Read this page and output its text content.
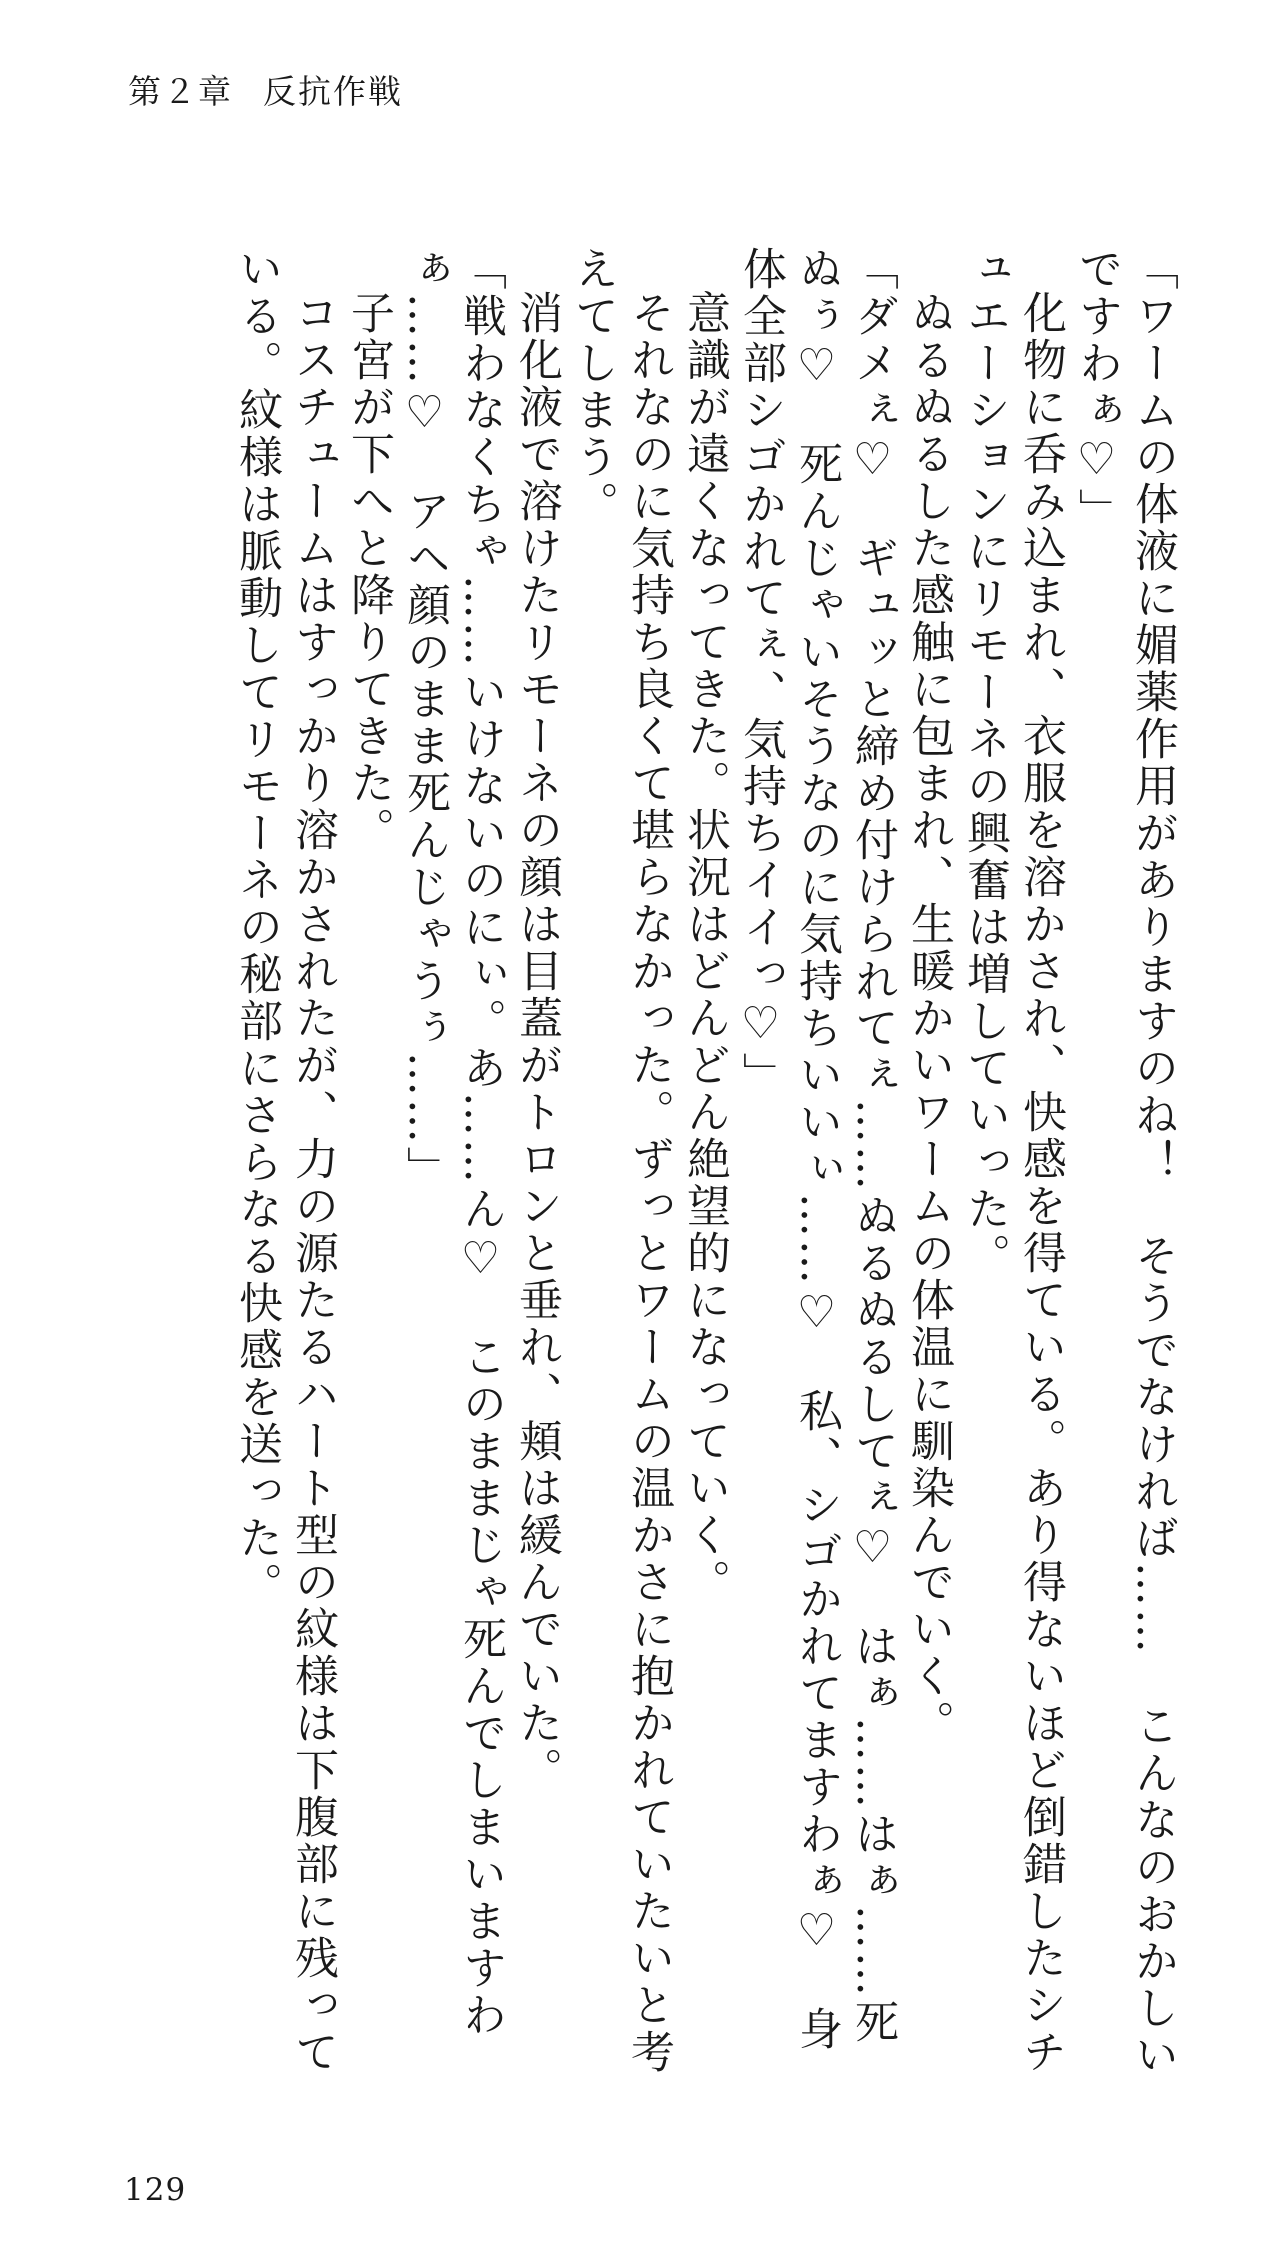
第２章 反抗作戦

「ワームの体液に媚薬作用がありますのね！　そうでなければ……　こんなのおかしいですわぁ♡」

化物に呑み込まれ、衣服を溶かされ、快感を得ている。あり得ないほど倒錯したシチュエーションにリモーネの興奮は増していった。

ぬるぬるした感触に包まれ、生暖かいワームの体温に馴染んでいく。

「ダメぇ♡　ギュッと締め付けられてぇ……ぬるぬるしてぇ♡　はぁ……はぁ……死ぬぅ♡　死んじゃいそうなのに気持ちいいぃ……♡　私、シゴかれてますわぁ♡　身体全部シゴかれてぇ、気持ちイイっ♡」

意識が遠くなってきた。状況はどんどん絶望的になっていく。

それなのに気持ち良くて堪らなかった。ずっとワームの温かさに抱かれていたいと考えてしまう。

消化液で溶けたリモーネの顔は目蓋がトロンと垂れ、頬は緩んでいた。

「戦わなくちゃ……いけないのにぃ。あ……ん♡　このままじゃ死んでしまいますわぁ……♡　アヘ顔のまま死んじゃうぅ……」

子宮が下へと降りてきた。

コスチュームはすっかり溶かされたが、力の源たるハート型の紋様は下腹部に残っている。紋様は脈動してリモーネの秘部にさらなる快感を送った。

129
